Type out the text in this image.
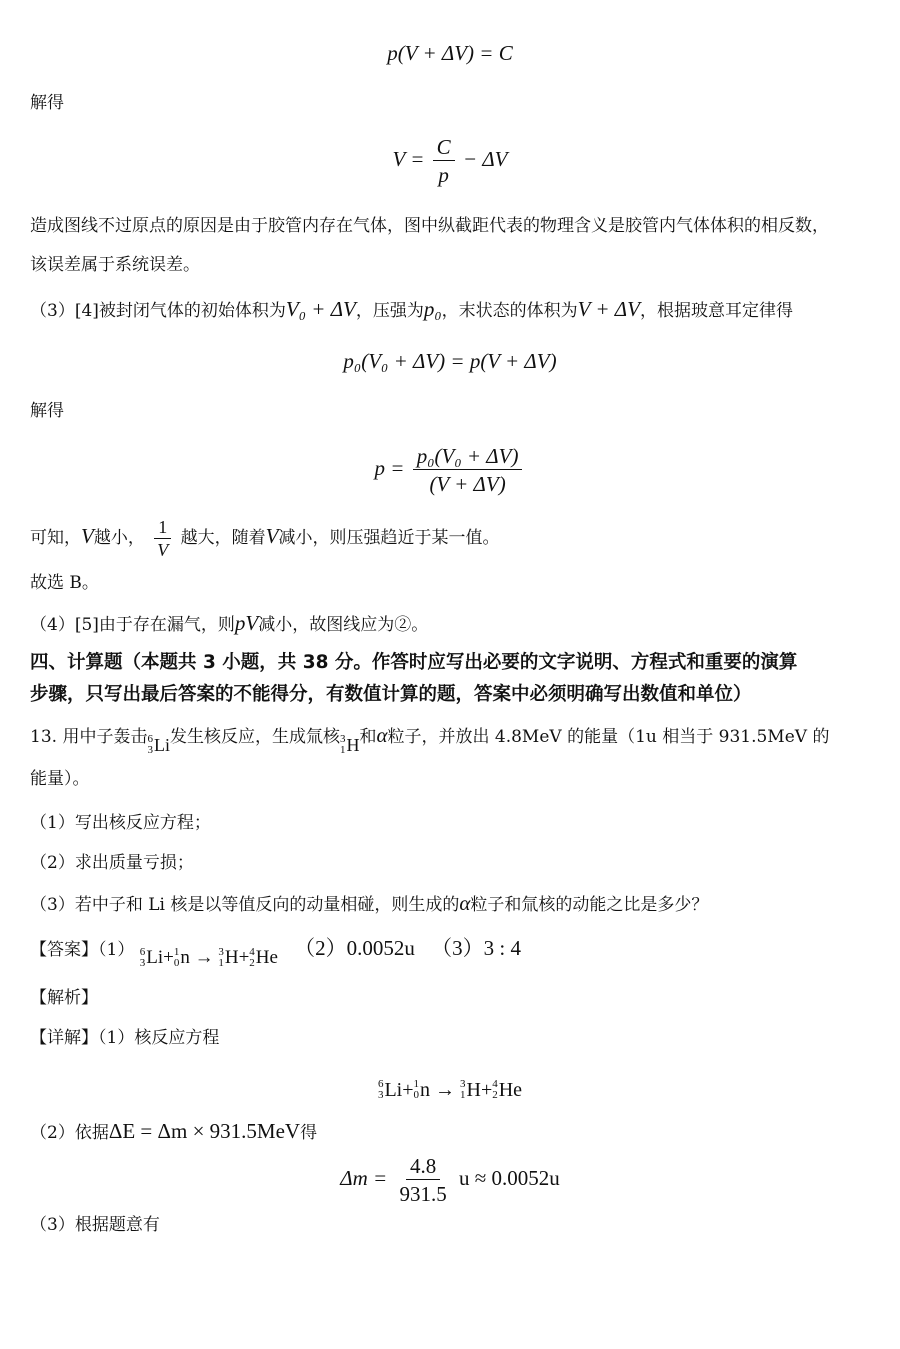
p(V + ΔV) = C
解得
$V = \frac{C}{p} - \Delta V$
造成图线不过原点的原因是由于胶管内存在气体，图中纵截距代表的物理含义是胶管内气体体积的相反数，
该误差属于系统误差。
（3）[4]被封闭气体的初始体积为V₀ + ΔV，压强为p₀，末状态的体积为V + ΔV，根据玻意耳定律得
p₀(V₀ + ΔV) = p(V + ΔV)
解得
$p = \frac{\text{p₀(V₀ + ΔV)}}{(V + \Delta V)}$
可知，V越小， $\frac{1}{V}$ 越大，随着V减小，则压强趋近于某一值。
故选 B。
（4）[5]由于存在漏气，则pV减小，故图线应为②。
四、计算题（本题共 3 小题，共 38 分。作答时应写出必要的文字说明、方程式和重要的演算
步骤，只写出最后答案的不能得分，有数值计算的题，答案中必须明确写出数值和单位）
13. 用中子轰击 6
3 Li 发生核反应，生成氚核 3
1 H 和α粒子，并放出 4.8MeV 的能量（1u 相当于 931.5MeV 的
能量）。
（1）写出核反应方程；
（2）求出质量亏损；
（3）若中子和 Li 核是以等值反向的动量相碰，则生成的α粒子和氚核的动能之比是多少？
【答案】（1） 6
3 Li + 1
0 n → 3
1 H + 4
2 He （2）0.0052u （3）3 : 4
【解析】
【详解】（1）核反应方程
6
3 Li + 1
0 n → 3
1 H + 4
2 He
（2）依据ΔE = Δm × 931.5MeV得
$\Delta m = \frac{4.8}{931.5}$ u ≈ 0.0052u
（3）根据题意有
